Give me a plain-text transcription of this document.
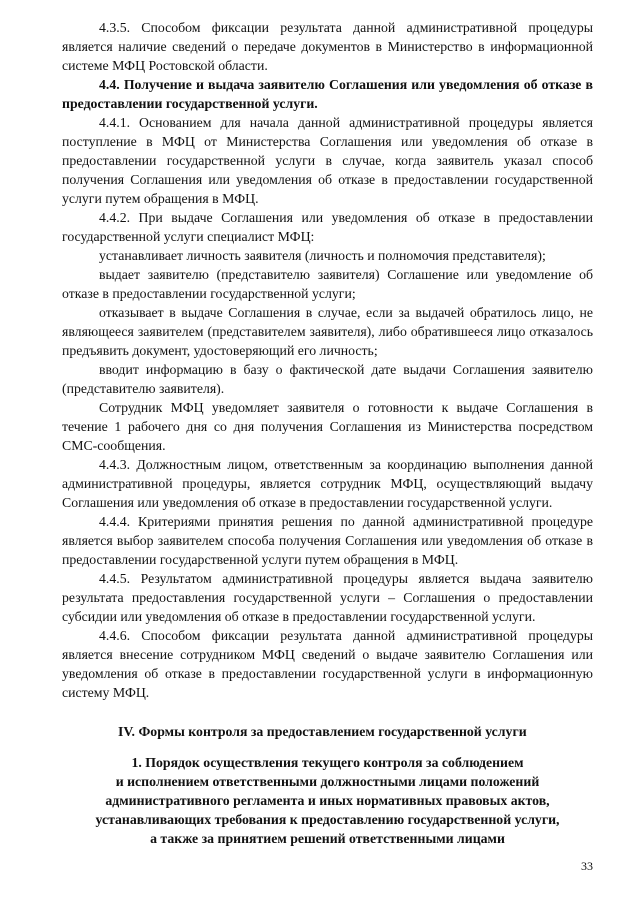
4.3.5. Способом фиксации результата данной административной процедуры является наличие сведений о передаче документов в Министерство в информационной системе МФЦ Ростовской области.

4.4. Получение и выдача заявителю Соглашения или уведомления об отказе в предоставлении государственной услуги.

4.4.1. Основанием для начала данной административной процедуры является поступление в МФЦ от Министерства Соглашения или уведомления об отказе в предоставлении государственной услуги в случае, когда заявитель указал способ получения Соглашения или уведомления об отказе в предоставлении государственной услуги путем обращения в МФЦ.

4.4.2. При выдаче Соглашения или уведомления об отказе в предоставлении государственной услуги специалист МФЦ:

устанавливает личность заявителя (личность и полномочия представителя);

выдает заявителю (представителю заявителя) Соглашение или уведомление об отказе в предоставлении государственной услуги;

отказывает в выдаче Соглашения в случае, если за выдачей обратилось лицо, не являющееся заявителем (представителем заявителя), либо обратившееся лицо отказалось предъявить документ, удостоверяющий его личность;

вводит информацию в базу о фактической дате выдачи Соглашения заявителю (представителю заявителя).

Сотрудник МФЦ уведомляет заявителя о готовности к выдаче Соглашения в течение 1 рабочего дня со дня получения Соглашения из Министерства посредством СМС-сообщения.

4.4.3. Должностным лицом, ответственным за координацию выполнения данной административной процедуры, является сотрудник МФЦ, осуществляющий выдачу Соглашения или уведомления об отказе в предоставлении государственной услуги.

4.4.4. Критериями принятия решения по данной административной процедуре является выбор заявителем способа получения Соглашения или уведомления об отказе в предоставлении государственной услуги путем обращения в МФЦ.

4.4.5. Результатом административной процедуры является выдача заявителю результата предоставления государственной услуги – Соглашения о предоставлении субсидии или уведомления об отказе в предоставлении государственной услуги.

4.4.6. Способом фиксации результата данной административной процедуры является внесение сотрудником МФЦ сведений о выдаче заявителю Соглашения или уведомления об отказе в предоставлении государственной услуги в информационную систему МФЦ.

IV. Формы контроля за предоставлением государственной услуги

1. Порядок осуществления текущего контроля за соблюдением
и исполнением ответственными должностными лицами положений
административного регламента и иных нормативных правовых актов,
устанавливающих требования к предоставлению государственной услуги,
а также за принятием решений ответственными лицами
33
